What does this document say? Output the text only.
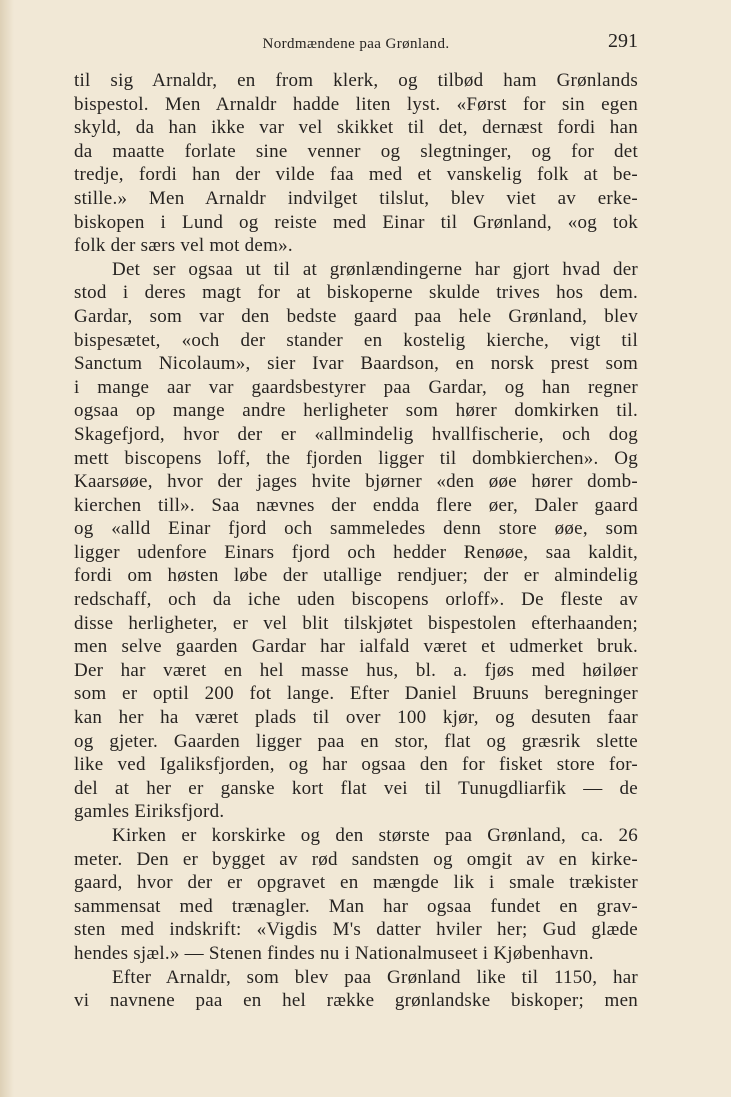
Nordmændene paa Grønland.	291
til sig Arnaldr, en from klerk, og tilbød ham Grønlands
bispestol. Men Arnaldr hadde liten lyst. «Først for sin egen
skyld, da han ikke var vel skikket til det, dernæst fordi han
da maatte forlate sine venner og slegtninger, og for det
tredje, fordi han der vilde faa med et vanskelig folk at be-
stille.» Men Arnaldr indvilget tilslut, blev viet av erke-
biskopen i Lund og reiste med Einar til Grønland, «og tok
folk der særs vel mot dem».
Det ser ogsaa ut til at grønlændingerne har gjort hvad der
stod i deres magt for at biskoperne skulde trives hos dem.
Gardar, som var den bedste gaard paa hele Grønland, blev
bispesætet, «och der stander en kostelig kierche, vigt til
Sanctum Nicolaum», sier Ivar Baardson, en norsk prest som
i mange aar var gaardsbestyrer paa Gardar, og han regner
ogsaa op mange andre herligheter som hører domkirken til.
Skagefjord, hvor der er «allmindelig hvallfischerie, och dog
mett biscopens loff, the fjorden ligger til dombkierchen». Og
Kaarsøøe, hvor der jages hvite bjørner «den øøe hører domb-
kierchen till». Saa nævnes der endda flere øer, Daler gaard
og «alld Einar fjord och sammeledes denn store øøe, som
ligger udenfore Einars fjord och hedder Renøøe, saa kaldit,
fordi om høsten løbe der utallige rendjuer; der er almindelig
redschaff, och da iche uden biscopens orloff». De fleste av
disse herligheter, er vel blit tilskjøtet bispestolen efterhaanden;
men selve gaarden Gardar har ialfald været et udmerket bruk.
Der har været en hel masse hus, bl. a. fjøs med høiløer
som er optil 200 fot lange. Efter Daniel Bruuns beregninger
kan her ha været plads til over 100 kjør, og desuten faar
og gjeter. Gaarden ligger paa en stor, flat og græsrik slette
like ved Igaliksfjorden, og har ogsaa den for fisket store for-
del at her er ganske kort flat vei til Tunugdliarfik — de
gamles Eiriksfjord.
Kirken er korskirke og den største paa Grønland, ca. 26
meter. Den er bygget av rød sandsten og omgit av en kirke-
gaard, hvor der er opgravet en mængde lik i smale trækister
sammensat med trænagler. Man har ogsaa fundet en grav-
sten med indskrift: «Vigdis M's datter hviler her; Gud glæde
hendes sjæl.» — Stenen findes nu i Nationalmuseet i Kjøbenhavn.
Efter Arnaldr, som blev paa Grønland like til 1150, har
vi navnene paa en hel række grønlandske biskoper; men
